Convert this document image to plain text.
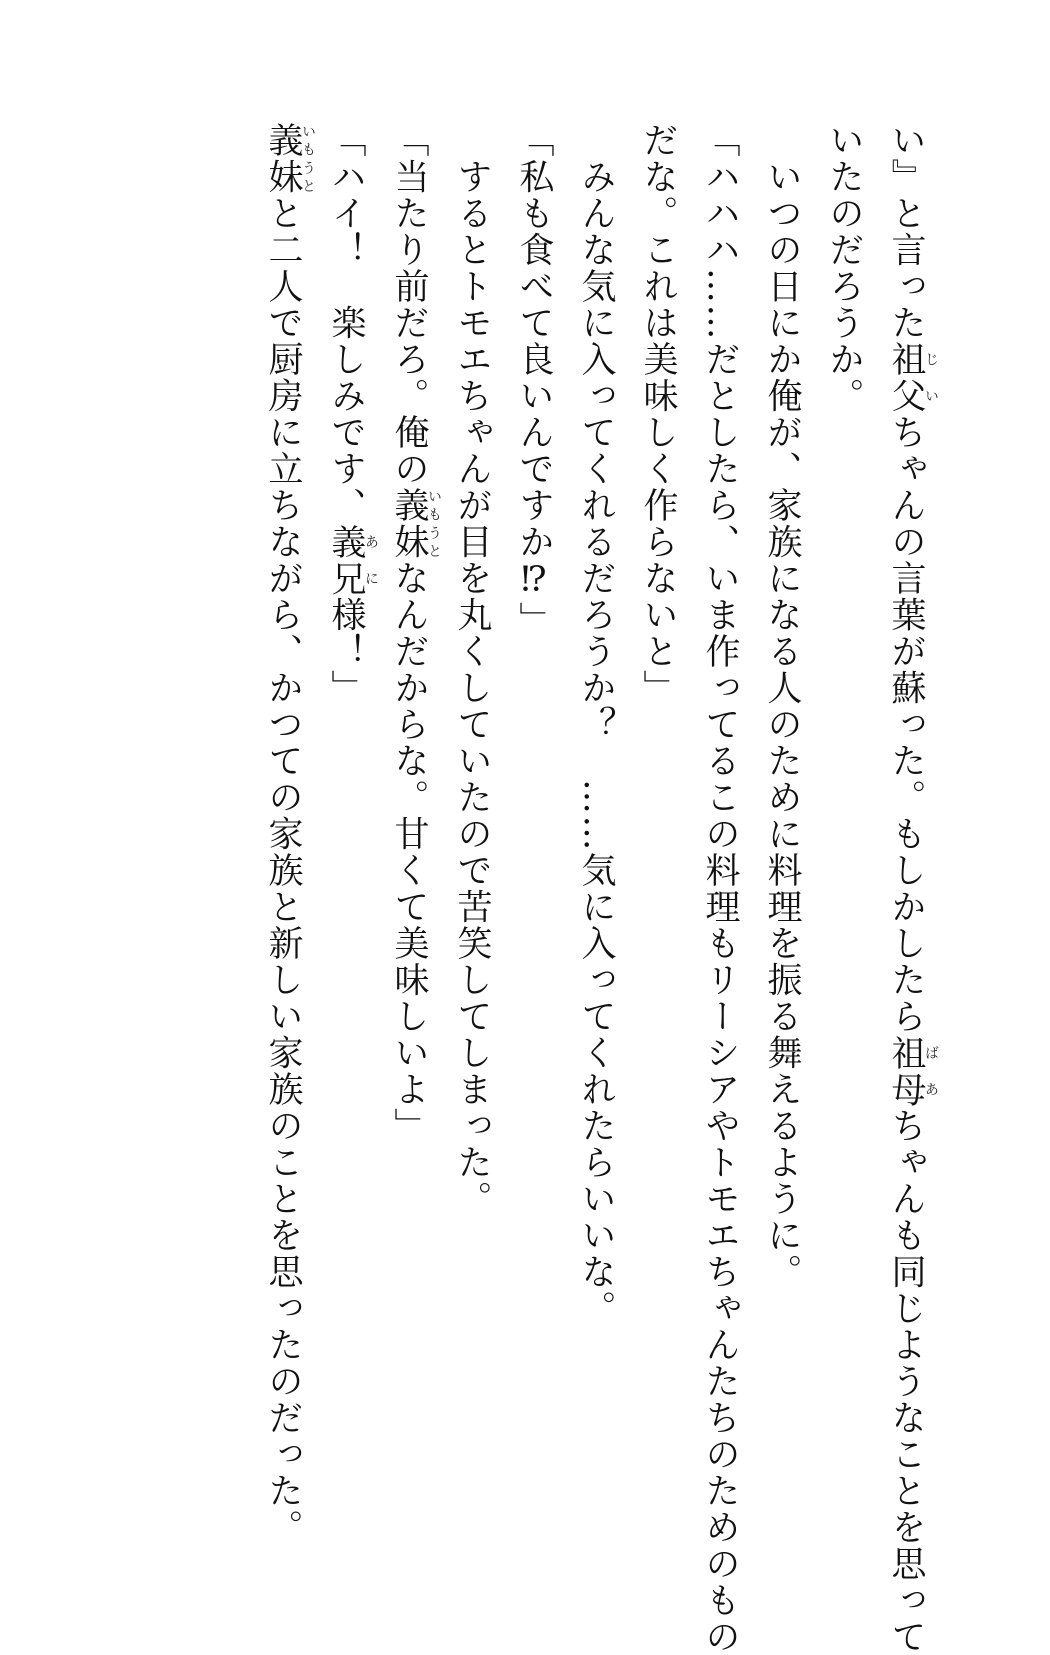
い』と言った祖父じいちゃんの言葉が蘇った。もしかしたら祖母ばあちゃんも同じようなことを思って
いたのだろうか。
　いつの日にか俺が、家族になる人のために料理を振る舞えるように。
「ハハハ……だとしたら、いま作ってるこの料理もリーシアやトモエちゃんたちのためのもの
だな。これは美味しく作らないと」
　みんな気に入ってくれるだろうか？　……気に入ってくれたらいいな。
「私も食べて良いんですか⁉」
　するとトモエちゃんが目を丸くしていたので苦笑してしまった。
「当たり前だろ。俺の義妹いもうとなんだからな。甘くて美味しいよ」
「ハイ！　楽しみです、義兄あに様！」
義妹いもうとと二人で厨房に立ちながら、かつての家族と新しい家族のことを思ったのだった。
